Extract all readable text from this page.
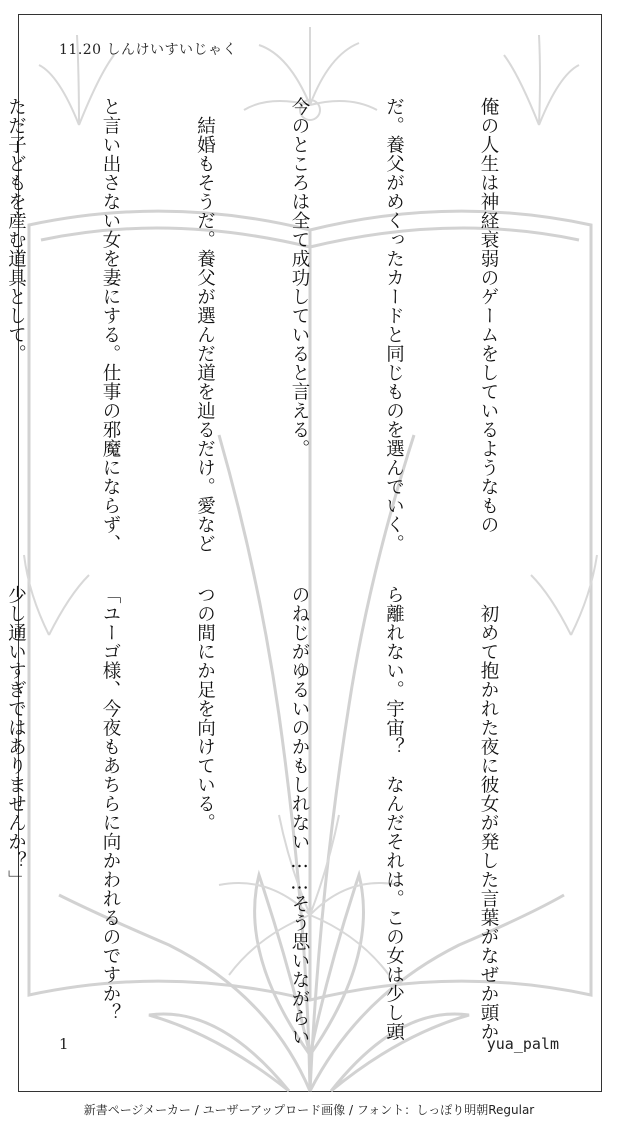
11.20 しんけいすいじゃく

俺の人生は神経衰弱のゲームをしているようなもの

だ。養父がめくったカードと同じものを選んでいく。

今のところは全て成功していると言える。

　結婚もそうだ。養父が選んだ道を辿るだけ。愛など

と言い出さない女を妻にする。仕事の邪魔にならず、

ただ子どもを産む道具として。

　初めて抱かれた夜に彼女が発した言葉がなぜか頭か

ら離れない。宇宙？　なんだそれは。この女は少し頭

のねじがゆるいのかもしれない……そう思いながらい

つの間にか足を向けている。

「ユーゴ様、今夜もあちらに向かわれるのですか？

少し通いすぎではありませんか？」

1	yua_palm
新書ページメーカー / ユーザーアップロード画像 / フォント：しっぽり明朝Regular
